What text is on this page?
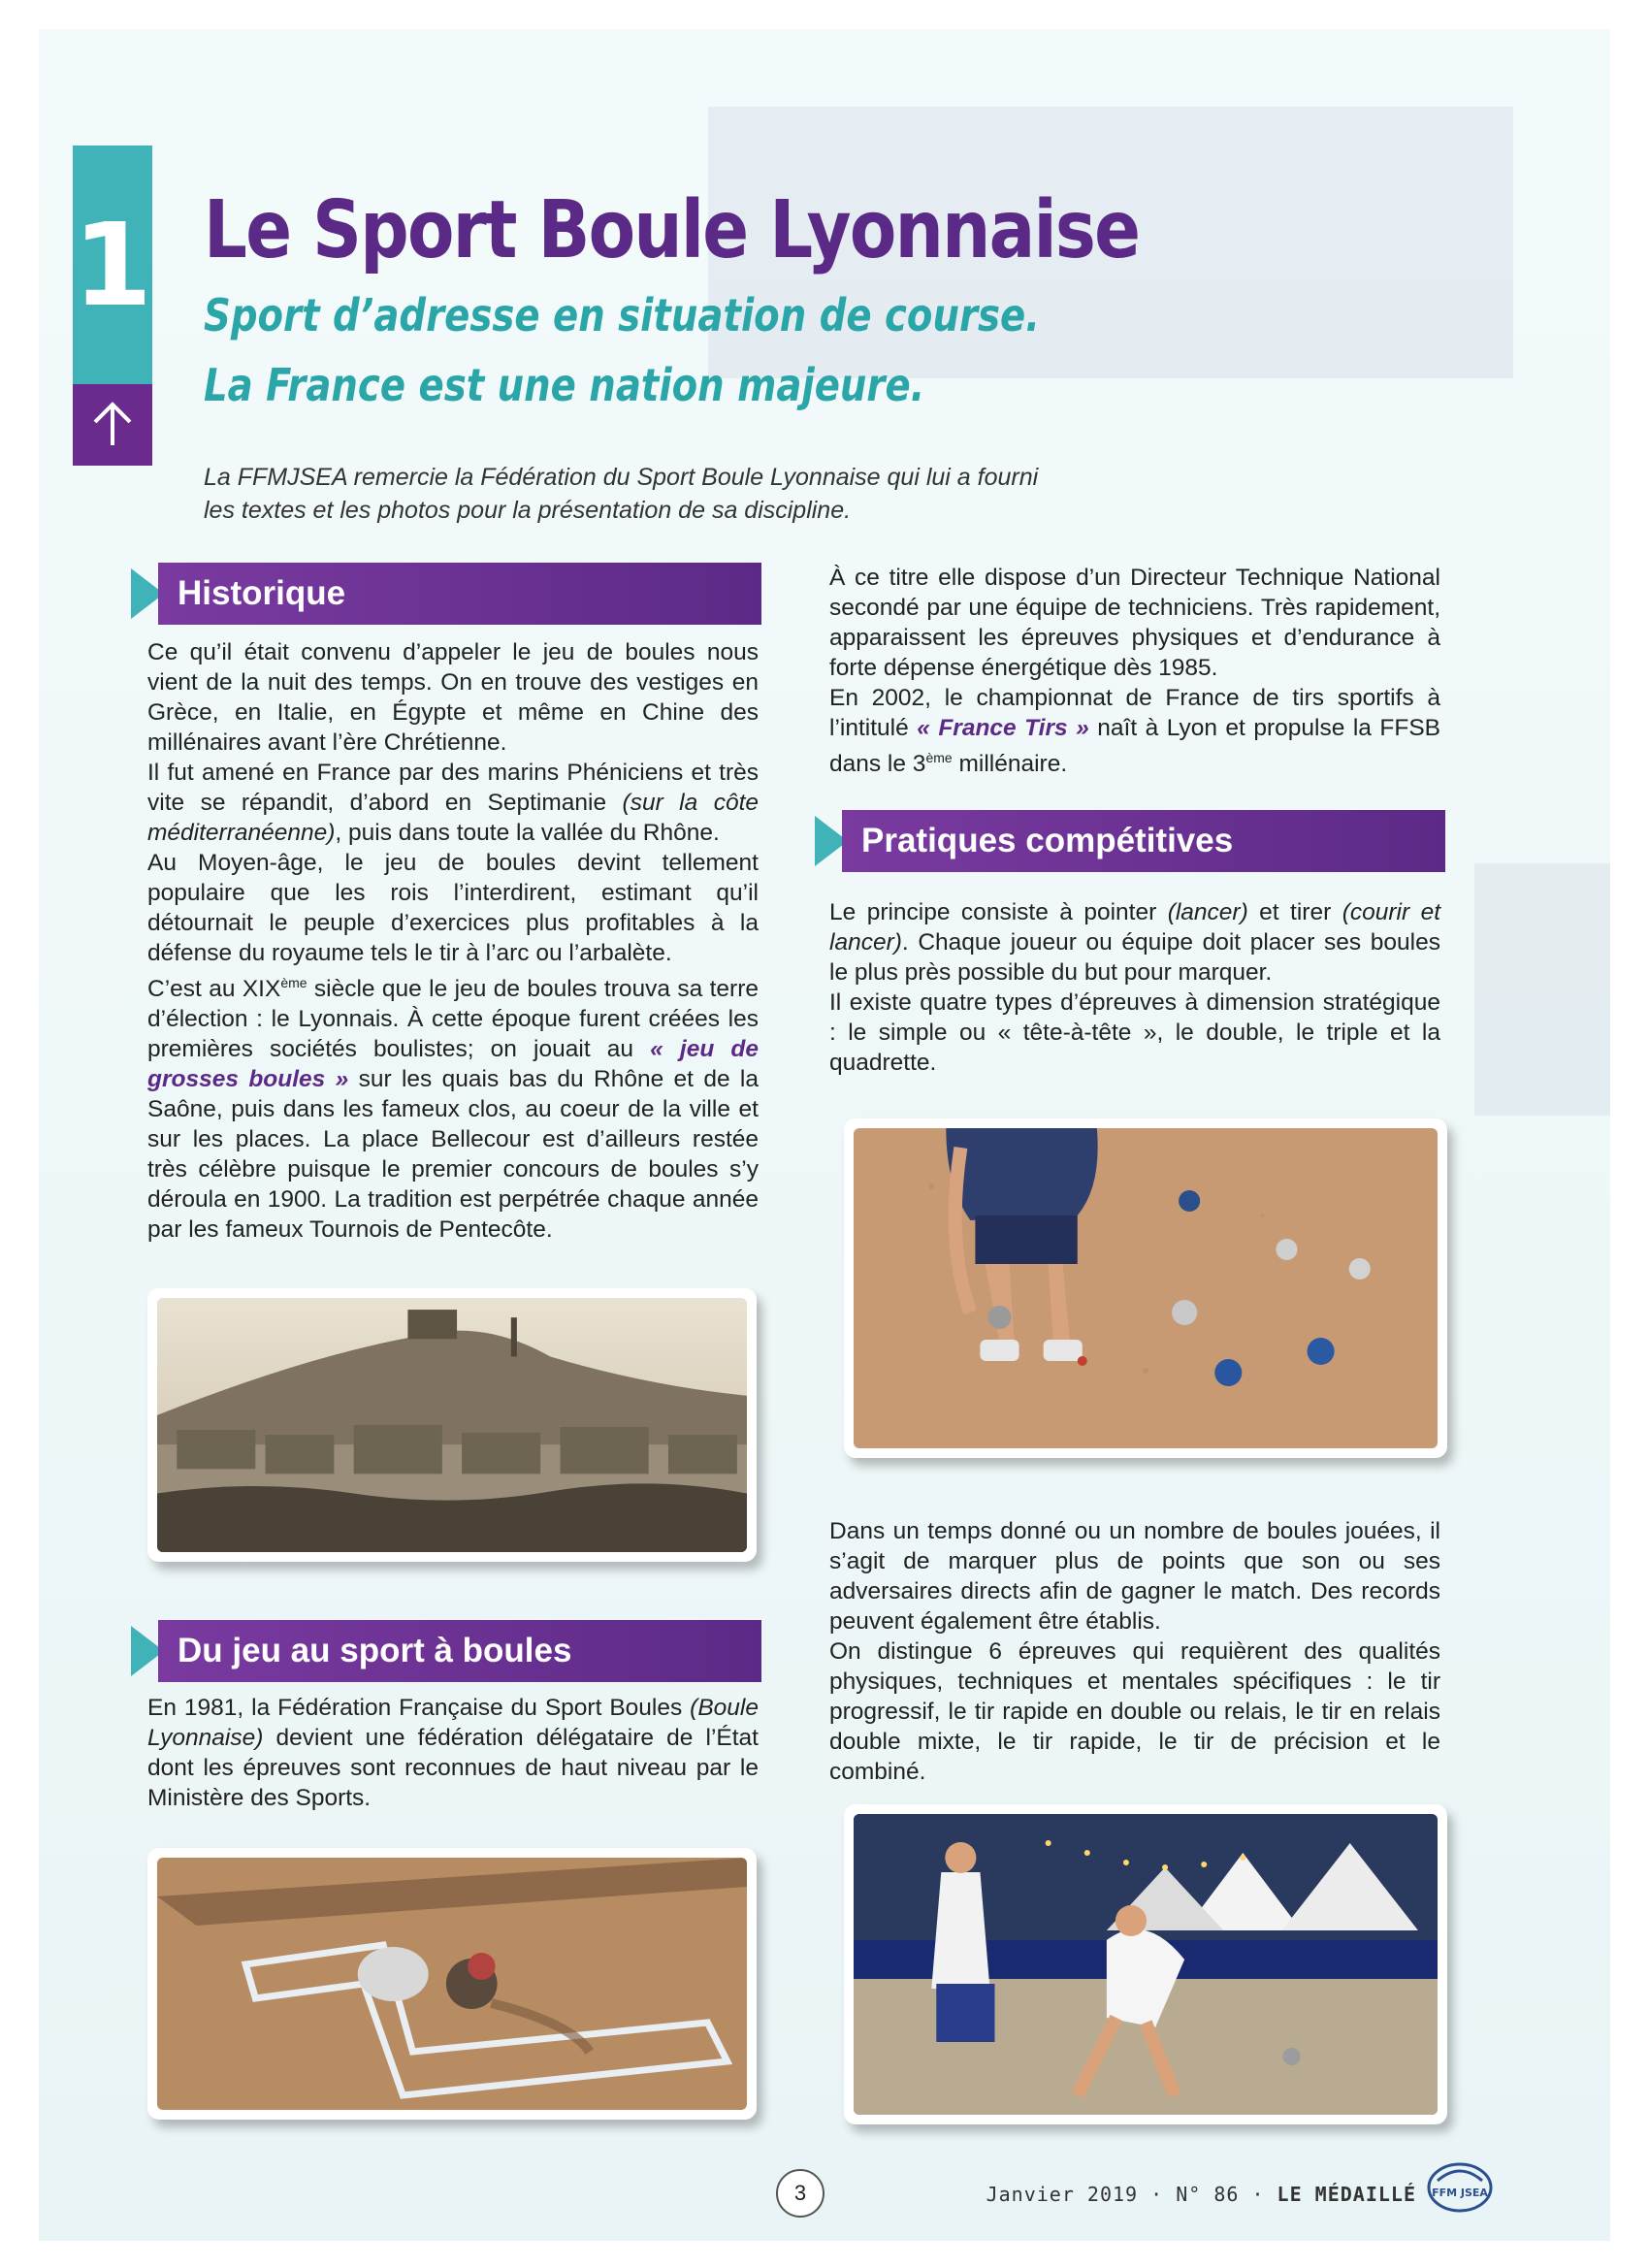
1 Le Sport Boule Lyonnaise
Sport d’adresse en situation de course.
La France est une nation majeure.
La FFMJSEA remercie la Fédération du Sport Boule Lyonnaise qui lui a fourni
les textes et les photos pour la présentation de sa discipline.
Historique

Ce qu’il était convenu d’appeler le jeu de boules nous vient de la nuit des temps. On en trouve des vestiges en Grèce, en Italie, en Égypte et même en Chine des millénaires avant l’ère Chrétienne.

Il fut amené en France par des marins Phéniciens et très vite se répandit, d’abord en Septimanie (sur la côte méditerranéenne), puis dans toute la vallée du Rhône.

Au Moyen-âge, le jeu de boules devint tellement populaire que les rois l’interdirent, estimant qu’il détournait le peuple d’exercices plus profitables à la défense du royaume tels le tir à l’arc ou l’arbalète.

C’est au XIXème siècle que le jeu de boules trouva sa terre d’élection : le Lyonnais. À cette époque furent créées les premières sociétés boulistes; on jouait au « jeu de grosses boules » sur les quais bas du Rhône et de la Saône, puis dans les fameux clos, au coeur de la ville et sur les places. La place Bellecour est d’ailleurs restée très célèbre puisque le premier concours de boules s’y déroula en 1900. La tradition est perpétrée chaque année par les fameux Tournois de Pentecôte.

Du jeu au sport à boules

En 1981, la Fédération Française du Sport Boules (Boule Lyonnaise) devient une fédération délégataire de l’État dont les épreuves sont reconnues de haut niveau par le Ministère des Sports.

À ce titre elle dispose d’un Directeur Technique National secondé par une équipe de techniciens. Très rapidement, apparaissent les épreuves physiques et d’endurance à forte dépense énergétique dès 1985.

En 2002, le championnat de France de tirs sportifs à l’intitulé « France Tirs » naît à Lyon et propulse la FFSB dans le 3ème millénaire.

Pratiques compétitives

Le principe consiste à pointer (lancer) et tirer (courir et lancer). Chaque joueur ou équipe doit placer ses boules le plus près possible du but pour marquer.

Il existe quatre types d’épreuves à dimension stratégique : le simple ou « tête-à-tête », le double, le triple et la quadrette.

Dans un temps donné ou un nombre de boules jouées, il s’agit de marquer plus de points que son ou ses adversaires directs afin de gagner le match. Des records peuvent également être établis.

On distingue 6 épreuves qui requièrent des qualités physiques, techniques et mentales spécifiques : le tir progressif, le tir rapide en double ou relais, le tir en relais double mixte, le tir rapide, le tir de précision et le combiné.

3	Janvier 2019 · N° 86 · LE MÉDAILLÉ FFM JSEA
